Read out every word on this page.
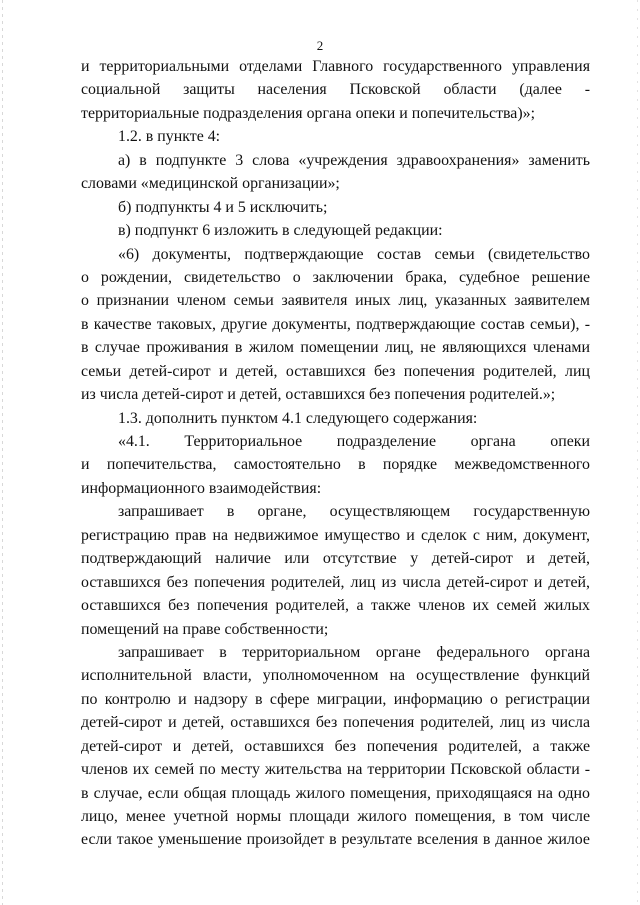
2
и территориальными отделами Главного государственного управления
социальной защиты населения Псковской области (далее -
территориальные подразделения органа опеки и попечительства)»;
1.2. в пункте 4:
а) в подпункте 3 слова «учреждения здравоохранения» заменить
словами «медицинской организации»;
б) подпункты 4 и 5 исключить;
в) подпункт 6 изложить в следующей редакции:
«6) документы, подтверждающие состав семьи (свидетельство
о рождении, свидетельство о заключении брака, судебное решение
о признании членом семьи заявителя иных лиц, указанных заявителем
в качестве таковых, другие документы, подтверждающие состав семьи), -
в случае проживания в жилом помещении лиц, не являющихся членами
семьи детей-сирот и детей, оставшихся без попечения родителей, лиц
из числа детей-сирот и детей, оставшихся без попечения родителей.»;
1.3. дополнить пунктом 4.1 следующего содержания:
«4.1. Территориальное подразделение органа опеки
и попечительства, самостоятельно в порядке межведомственного
информационного взаимодействия:
запрашивает в органе, осуществляющем государственную
регистрацию прав на недвижимое имущество и сделок с ним, документ,
подтверждающий наличие или отсутствие у детей-сирот и детей,
оставшихся без попечения родителей, лиц из числа детей-сирот и детей,
оставшихся без попечения родителей, а также членов их семей жилых
помещений на праве собственности;
запрашивает в территориальном органе федерального органа
исполнительной власти, уполномоченном на осуществление функций
по контролю и надзору в сфере миграции, информацию о регистрации
детей-сирот и детей, оставшихся без попечения родителей, лиц из числа
детей-сирот и детей, оставшихся без попечения родителей, а также
членов их семей по месту жительства на территории Псковской области -
в случае, если общая площадь жилого помещения, приходящаяся на одно
лицо, менее учетной нормы площади жилого помещения, в том числе
если такое уменьшение произойдет в результате вселения в данное жилое
